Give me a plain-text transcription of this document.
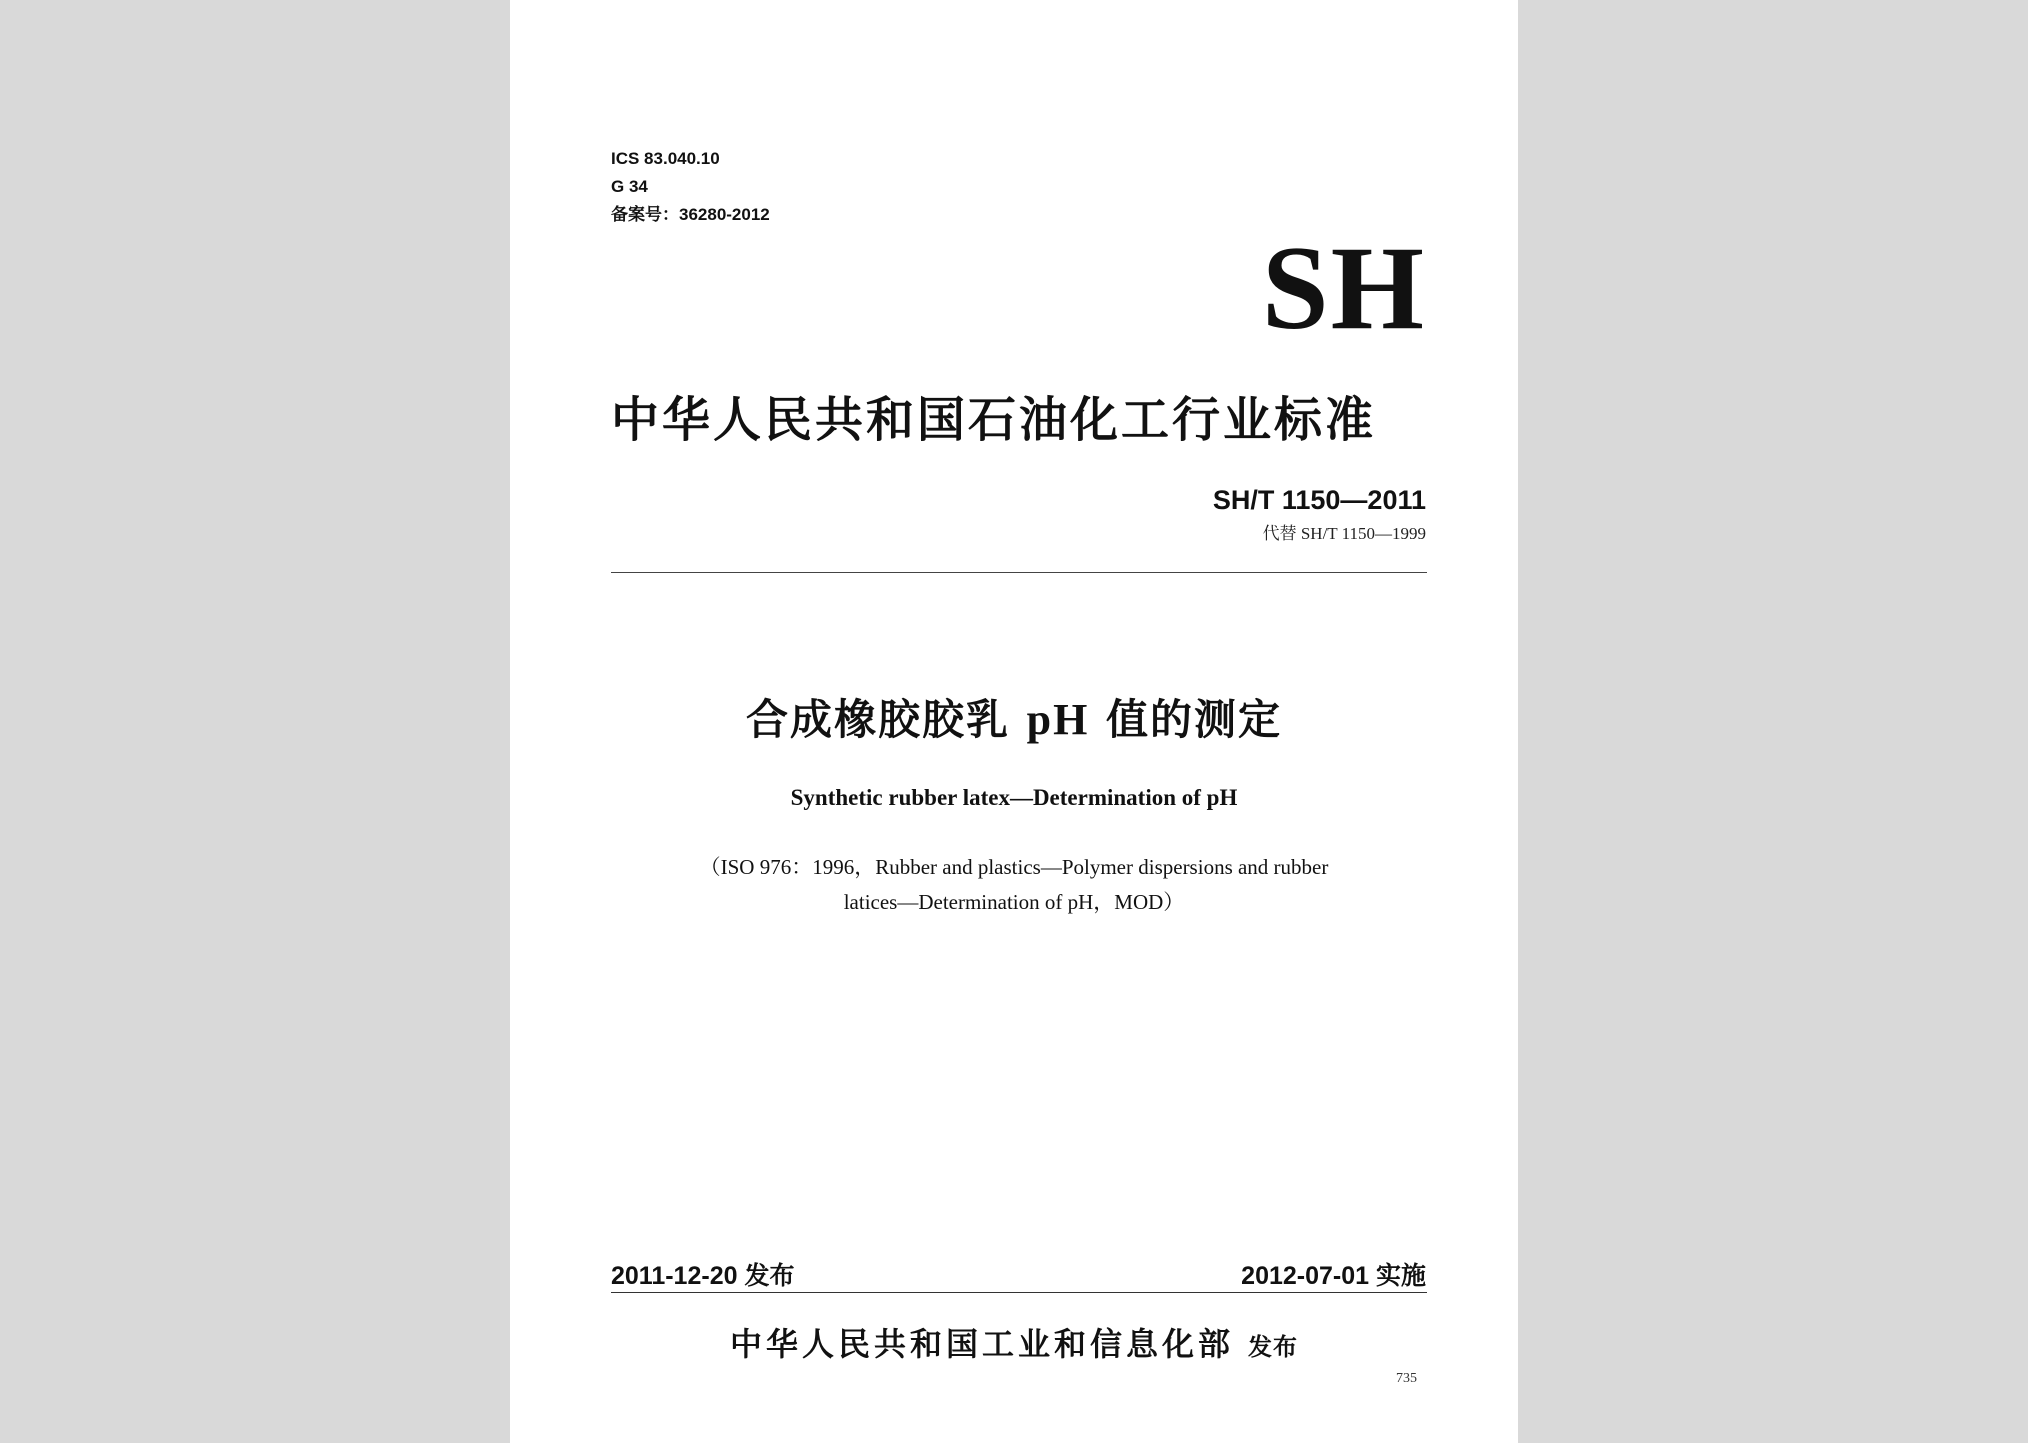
ICS 83.040.10
G 34
备案号：36280-2012
SH
中华人民共和国石油化工行业标准
SH/T 1150—2011
代替 SH/T 1150—1999
合成橡胶胶乳 pH 值的测定
Synthetic rubber latex—Determination of pH
（ISO 976：1996，Rubber and plastics—Polymer dispersions and rubber
latices—Determination of pH，MOD）
2011-12-20 发布	2012-07-01 实施
中华人民共和国工业和信息化部 发布
735
